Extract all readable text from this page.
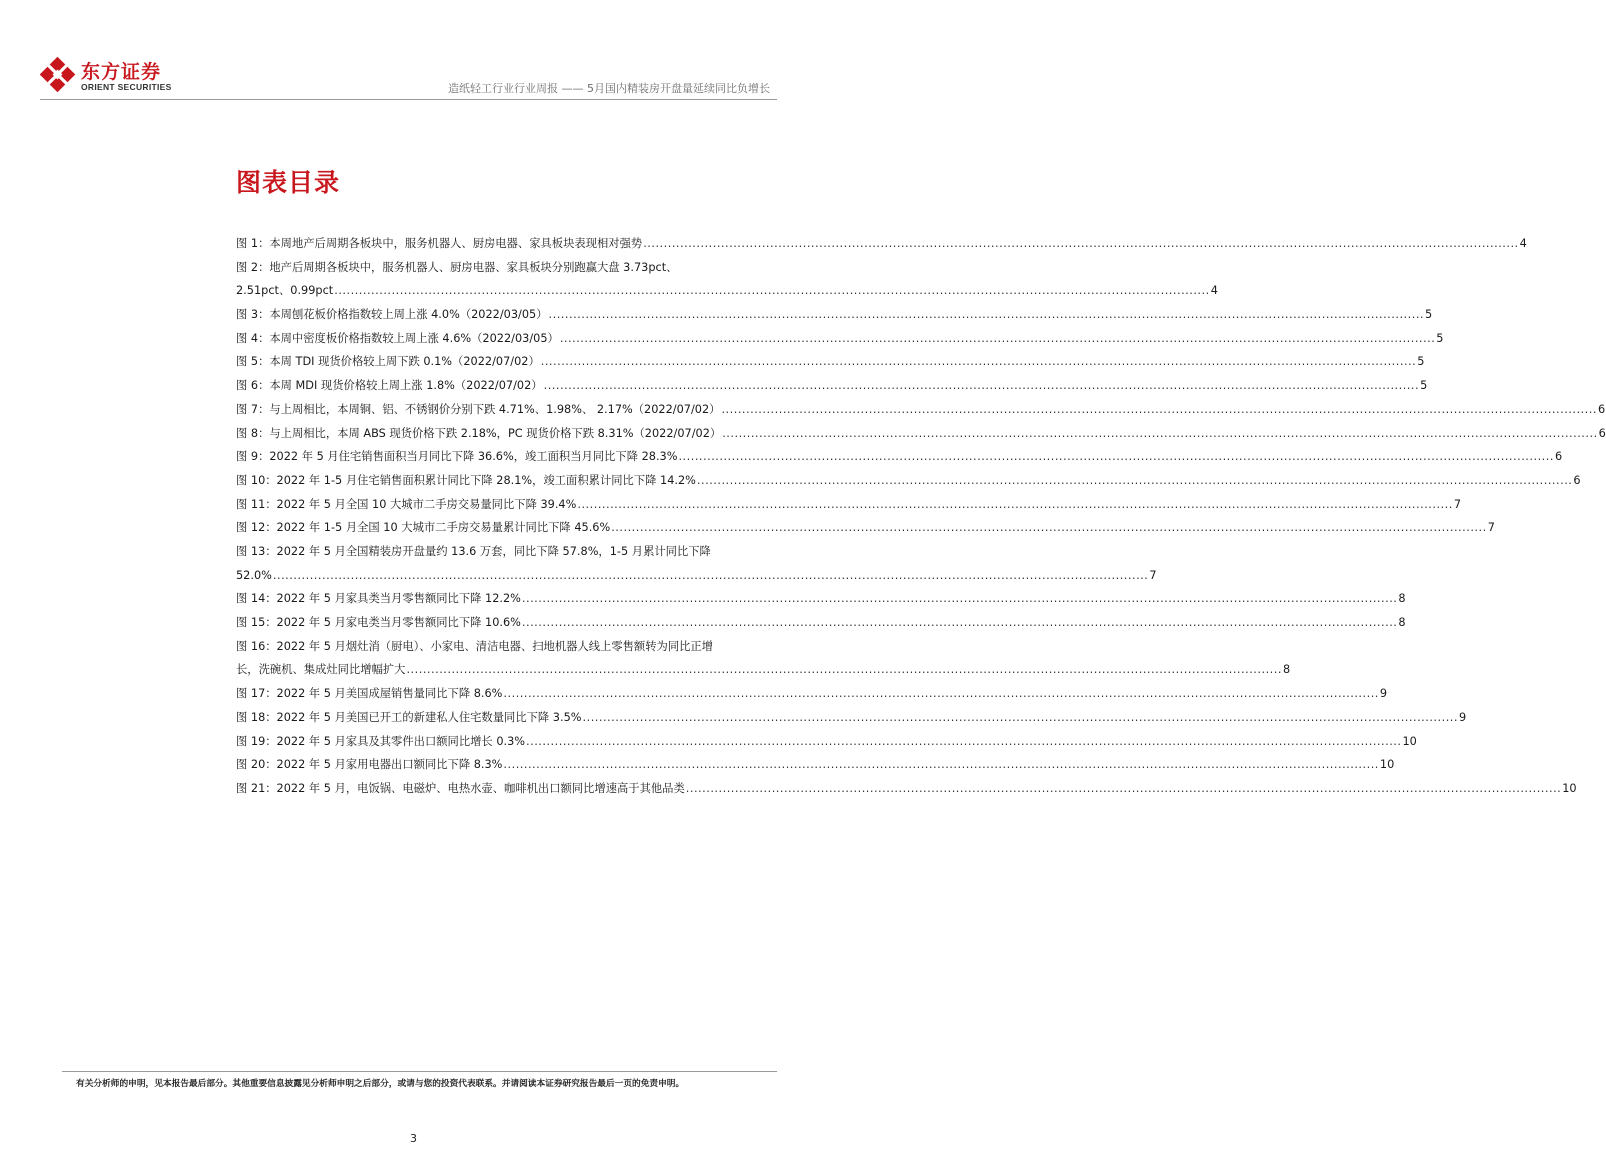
东方证券
ORIENT SECURITIES	造纸轻工行业行业周报 —— 5月国内精装房开盘量延续同比负增长
图表目录
图 1：本周地产后周期各板块中，服务机器人、厨房电器、家具板块表现相对强势 .....	4
图 2：地产后周期各板块中，服务机器人、厨房电器、家具板块分别跑赢大盘 3.73pct、
2.51pct、0.99pct .....	4
图 3：本周刨花板价格指数较上周上涨 4.0%（2022/03/05） .....	5
图 4：本周中密度板价格指数较上周上涨 4.6%（2022/03/05） .....	5
图 5：本周 TDI 现货价格较上周下跌 0.1%（2022/07/02） .....	5
图 6：本周 MDI 现货价格较上周上涨 1.8%（2022/07/02） .....	5
图 7：与上周相比，本周铜、铝、不锈钢价分别下跌 4.71%、1.98%、 2.17%（2022/07/02） .....	6
图 8：与上周相比，本周 ABS 现货价格下跌 2.18%，PC 现货价格下跌 8.31%（2022/07/02） .....	6
图 9：2022 年 5 月住宅销售面积当月同比下降 36.6%，竣工面积当月同比下降 28.3% .....	6
图 10：2022 年 1-5 月住宅销售面积累计同比下降 28.1%，竣工面积累计同比下降 14.2% .....	6
图 11：2022 年 5 月全国 10 大城市二手房交易量同比下降 39.4% .....	7
图 12：2022 年 1-5 月全国 10 大城市二手房交易量累计同比下降 45.6% .....	7
图 13：2022 年 5 月全国精装房开盘量约 13.6 万套，同比下降 57.8%，1-5 月累计同比下降
52.0% .....	7
图 14：2022 年 5 月家具类当月零售额同比下降 12.2% .....	8
图 15：2022 年 5 月家电类当月零售额同比下降 10.6% .....	8
图 16：2022 年 5 月烟灶消（厨电）、小家电、清洁电器、扫地机器人线上零售额转为同比正增
长，洗碗机、集成灶同比增幅扩大 .....	8
图 17：2022 年 5 月美国成屋销售量同比下降 8.6% .....	9
图 18：2022 年 5 月美国已开工的新建私人住宅数量同比下降 3.5% .....	9
图 19：2022 年 5 月家具及其零件出口额同比增长 0.3% .....	10
图 20：2022 年 5 月家用电器出口额同比下降 8.3% .....	10
图 21：2022 年 5 月，电饭锅、电磁炉、电热水壶、咖啡机出口额同比增速高于其他品类 .....	10
有关分析师的申明，见本报告最后部分。其他重要信息披露见分析师申明之后部分，或请与您的投资代表联系。并请阅读本证券研究报告最后一页的免责申明。
3
